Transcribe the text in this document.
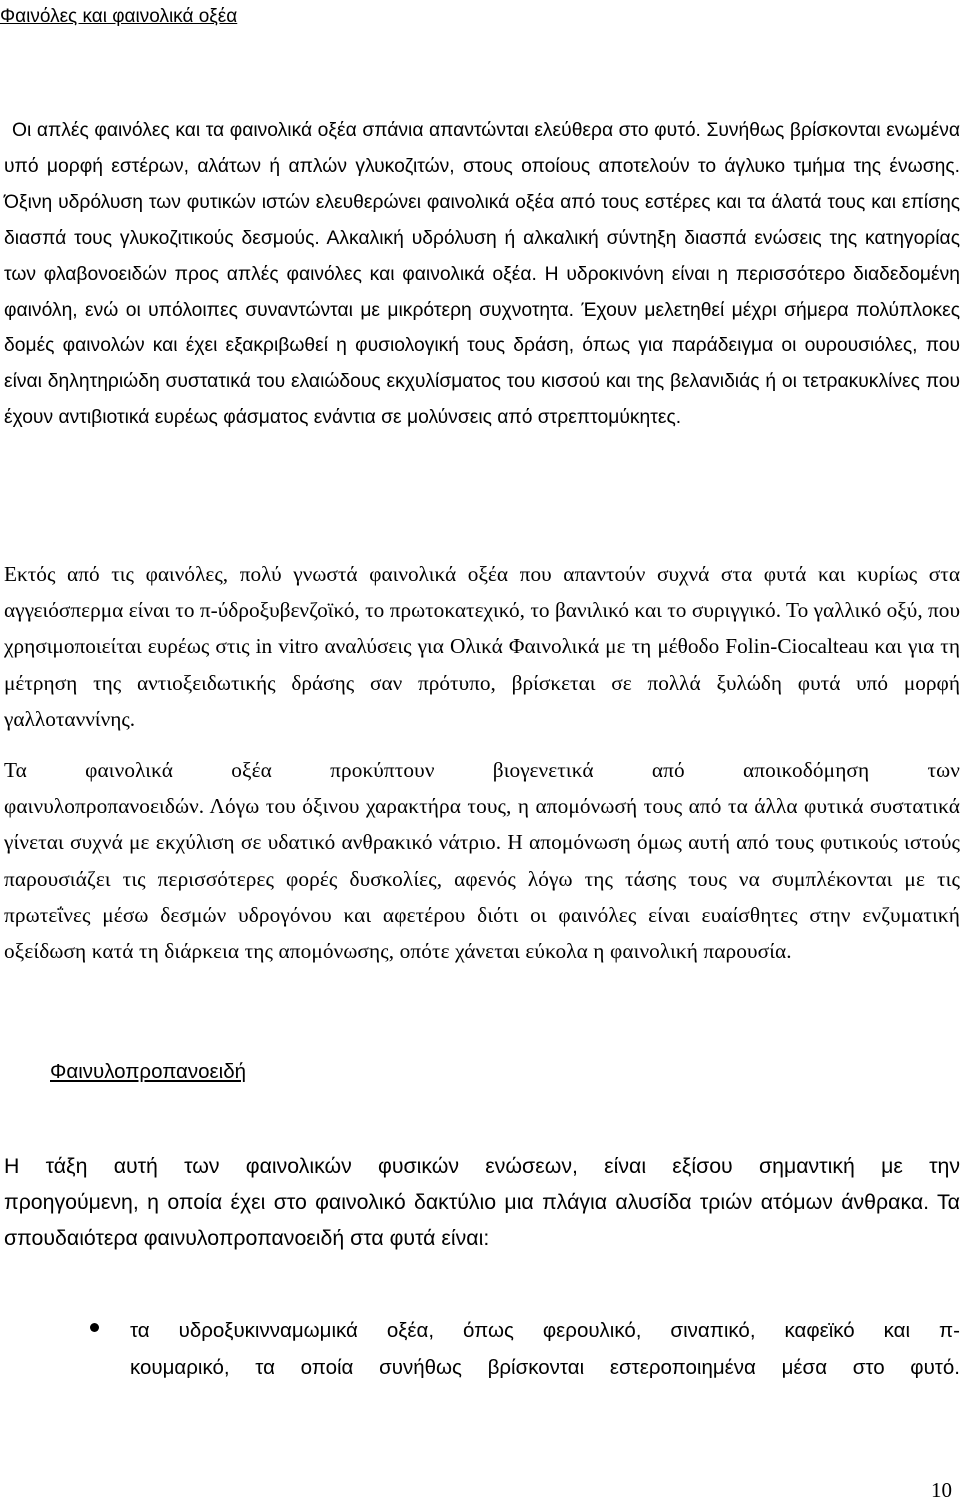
Φαινόλες και φαινολικά οξέα
Οι απλές φαινόλες και τα φαινολικά οξέα σπάνια απαντώνται ελεύθερα στο φυτό. Συνήθως βρίσκονται ενωμένα υπό μορφή εστέρων, αλάτων ή απλών γλυκοζιτών, στους οποίους αποτελούν το άγλυκο τμήμα της ένωσης. Όξινη υδρόλυση των φυτικών ιστών ελευθερώνει φαινολικά οξέα από τους εστέρες και τα άλατά τους και επίσης διασπά τους γλυκοζιτικούς δεσμούς. Αλκαλική υδρόλυση ή αλκαλική σύντηξη διασπά ενώσεις της κατηγορίας των φλαβονοειδών προς απλές φαινόλες και φαινολικά οξέα. Η υδροκινόνη είναι η περισσότερο διαδεδομένη φαινόλη, ενώ οι υπόλοιπες συναντώνται με μικρότερη συχνοτητα. Έχουν μελετηθεί μέχρι σήμερα πολύπλοκες δομές φαινολών και έχει εξακριβωθεί η φυσιολογική τους δράση, όπως για παράδειγμα οι ουρουσιόλες, που είναι δηλητηριώδη συστατικά του ελαιώδους εκχυλίσματος του κισσού και της βελανιδιάς ή οι τετρακυκλίνες που έχουν αντιβιοτικά ευρέως φάσματος ενάντια σε μολύνσεις από στρεπτομύκητες.
Εκτός από τις φαινόλες, πολύ γνωστά φαινολικά οξέα που απαντούν συχνά στα φυτά και κυρίως στα αγγειόσπερμα είναι το π-ύδροξυβενζοϊκό, το πρωτοκατεχικό, το βανιλικό και το συριγγικό. Το γαλλικό οξύ, που χρησιμοποιείται ευρέως στις in vitro αναλύσεις για Ολικά Φαινολικά με τη μέθοδο Folin-Ciocalteau και για τη μέτρηση της αντιοξειδωτικής δράσης σαν πρότυπο, βρίσκεται σε πολλά ξυλώδη φυτά υπό μορφή γαλλοταννίνης.
Τα φαινολικά οξέα προκύπτουν βιογενετικά από αποικοδόμηση των
φαινυλοπροπανοειδών. Λόγω του όξινου χαρακτήρα τους, η απομόνωσή τους από τα άλλα φυτικά συστατικά γίνεται συχνά με εκχύλιση σε υδατικό ανθρακικό νάτριο. Η απομόνωση όμως αυτή από τους φυτικούς ιστούς παρουσιάζει τις περισσότερες φορές δυσκολίες, αφενός λόγω της τάσης τους να συμπλέκονται με τις πρωτεΐνες μέσω δεσμών υδρογόνου και αφετέρου διότι οι φαινόλες είναι ευαίσθητες στην ενζυματική οξείδωση κατά τη διάρκεια της απομόνωσης, οπότε χάνεται εύκολα η φαινολική παρουσία.
Φαινυλοπροπανοειδή
Η τάξη αυτή των φαινολικών φυσικών ενώσεων, είναι εξίσου σημαντική με την
προηγούμενη, η οποία έχει στο φαινολικό δακτύλιο μια πλάγια αλυσίδα τριών ατόμων άνθρακα. Τα σπουδαιότερα φαινυλοπροπανοειδή στα φυτά είναι:
τα υδροξυκινναμωμικά οξέα, όπως φερουλικό, σιναπικό, καφεϊκό και π-
κουμαρικό, τα οποία συνήθως βρίσκονται εστεροποιημένα μέσα στο φυτό.
10
